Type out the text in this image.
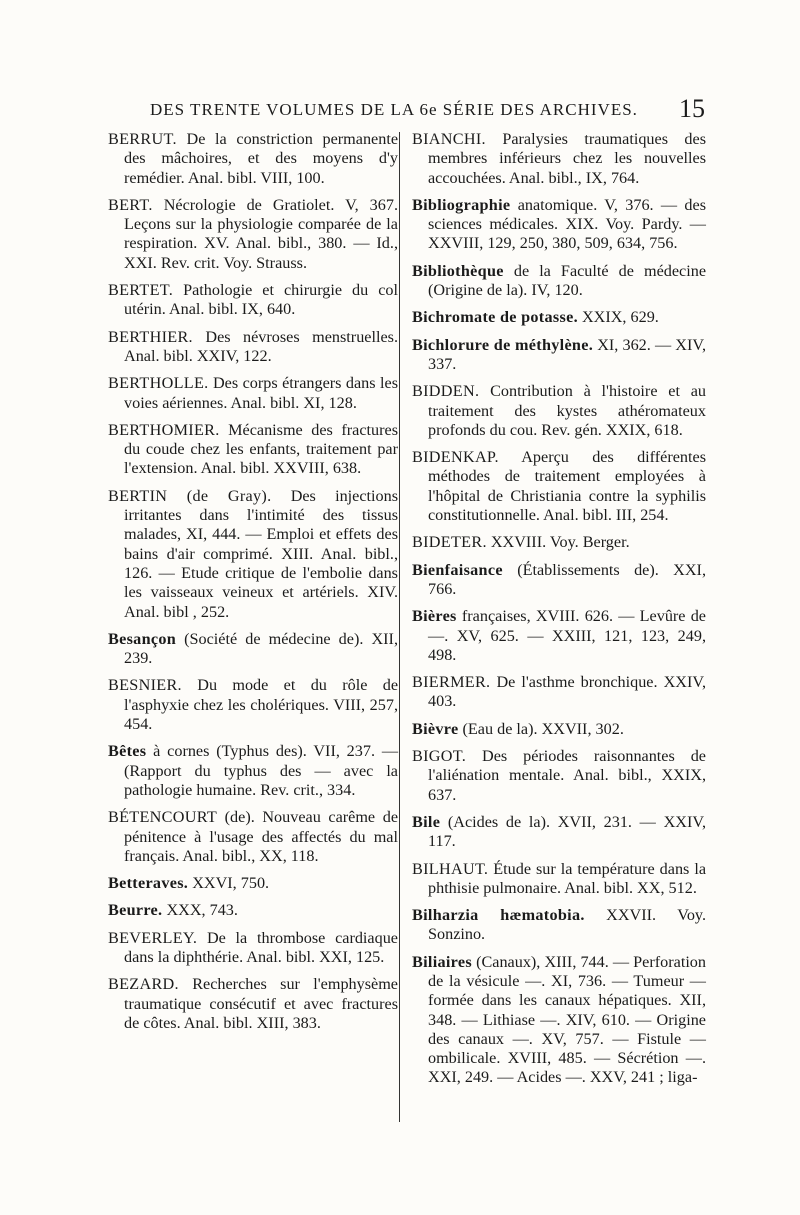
DES TRENTE VOLUMES DE LA 6e SÉRIE DES ARCHIVES. 15
BERRUT. De la constriction permanente des mâchoires, et des moyens d'y remédier. Anal. bibl. VIII, 100.
BERT. Nécrologie de Gratiolet. V, 367. Leçons sur la physiologie comparée de la respiration. XV. Anal. bibl., 380. — Id., XXI. Rev. crit. Voy. Strauss.
BERTET. Pathologie et chirurgie du col utérin. Anal. bibl. IX, 640.
BERTHIER. Des névroses menstruelles. Anal. bibl. XXIV, 122.
BERTHOLLE. Des corps étrangers dans les voies aériennes. Anal. bibl. XI, 128.
BERTHOMIER. Mécanisme des fractures du coude chez les enfants, traitement par l'extension. Anal. bibl. XXVIII, 638.
BERTIN (de Gray). Des injections irritantes dans l'intimité des tissus malades, XI, 444. — Emploi et effets des bains d'air comprimé. XIII. Anal. bibl., 126. — Etude critique de l'embolie dans les vaisseaux veineux et artériels. XIV. Anal. bibl , 252.
Besançon (Société de médecine de). XII, 239.
BESNIER. Du mode et du rôle de l'asphyxie chez les cholériques. VIII, 257, 454.
Bêtes à cornes (Typhus des). VII, 237. — (Rapport du typhus des — avec la pathologie humaine. Rev. crit., 334.
BÉTENCOURT (de). Nouveau carême de pénitence à l'usage des affectés du mal français. Anal. bibl., XX, 118.
Betteraves. XXVI, 750.
Beurre. XXX, 743.
BEVERLEY. De la thrombose cardiaque dans la diphthérie. Anal. bibl. XXI, 125.
BEZARD. Recherches sur l'emphysème traumatique consécutif et avec fractures de côtes. Anal. bibl. XIII, 383.
BIANCHI. Paralysies traumatiques des membres inférieurs chez les nouvelles accouchées. Anal. bibl., IX, 764.
Bibliographie anatomique. V, 376. — des sciences médicales. XIX. Voy. Pardy. — XXVIII, 129, 250, 380, 509, 634, 756.
Bibliothèque de la Faculté de médecine (Origine de la). IV, 120.
Bichromate de potasse. XXIX, 629.
Bichlorure de méthylène. XI, 362. — XIV, 337.
BIDDEN. Contribution à l'histoire et au traitement des kystes athéromateux profonds du cou. Rev. gén. XXIX, 618.
BIDENKAP. Aperçu des différentes méthodes de traitement employées à l'hôpital de Christiania contre la syphilis constitutionnelle. Anal. bibl. III, 254.
BIDETER. XXVIII. Voy. Berger.
Bienfaisance (Établissements de). XXI, 766.
Bières françaises, XVIII. 626. — Levûre de —. XV, 625. — XXIII, 121, 123, 249, 498.
BIERMER. De l'asthme bronchique. XXIV, 403.
Bièvre (Eau de la). XXVII, 302.
BIGOT. Des périodes raisonnantes de l'aliénation mentale. Anal. bibl., XXIX, 637.
Bile (Acides de la). XVII, 231. — XXIV, 117.
BILHAUT. Étude sur la température dans la phthisie pulmonaire. Anal. bibl. XX, 512.
Bilharzia hæmatobia. XXVII. Voy. Sonzino.
Biliaires (Canaux), XIII, 744. — Perforation de la vésicule —. XI, 736. — Tumeur — formée dans les canaux hépatiques. XII, 348. — Lithiase —. XIV, 610. — Origine des canaux —. XV, 757. — Fistule — ombilicale. XVIII, 485. — Sécrétion —. XXI, 249. — Acides —. XXV, 241 ; liga-
